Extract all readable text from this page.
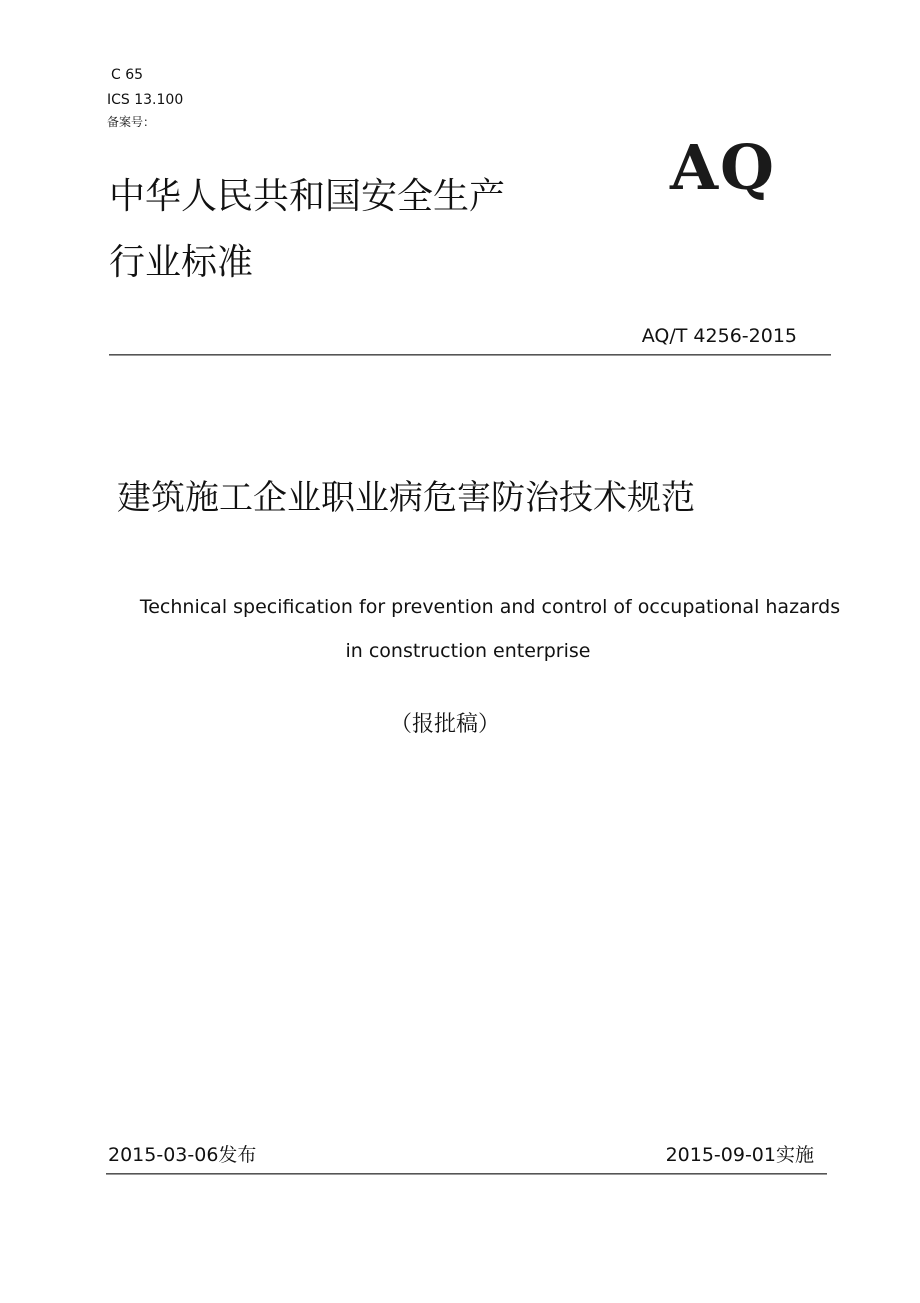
C 65
ICS 13.100
备案号：
AQ
中华人民共和国安全生产
行业标准
AQ/T 4256-2015
建筑施工企业职业病危害防治技术规范
Technical specification for prevention and control of occupational hazards
in construction enterprise
（报批稿）
2015-03-06发布	2015-09-01实施
